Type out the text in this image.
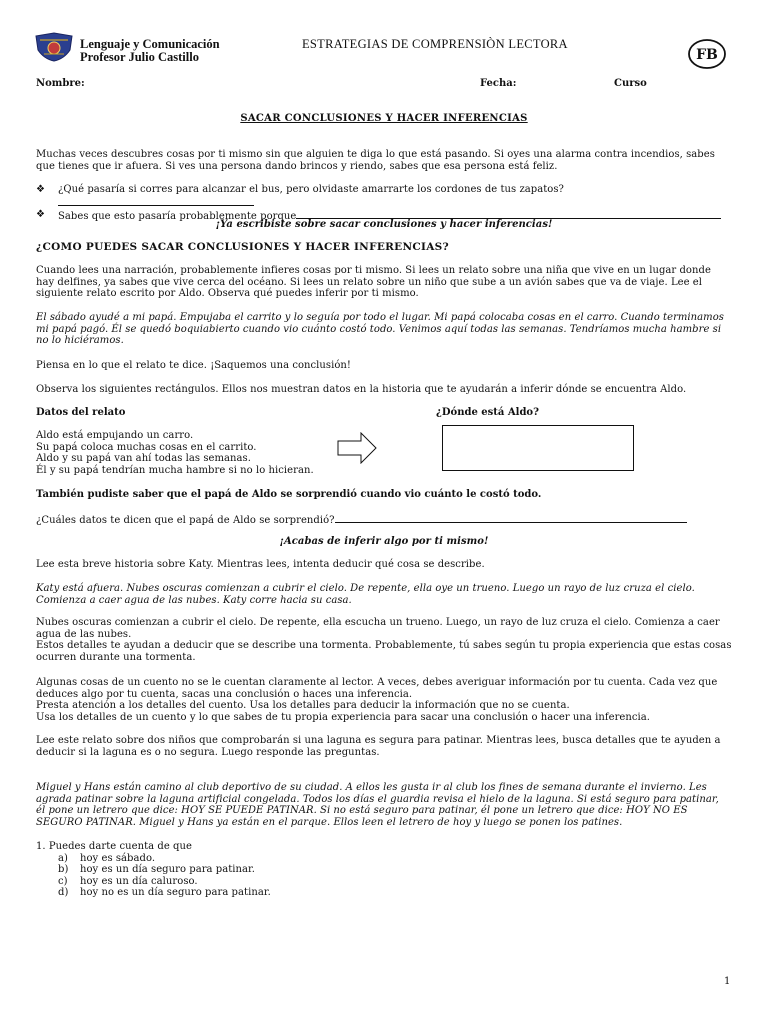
Lenguaje y Comunicación
Profesor Julio Castillo
ESTRATEGIAS DE COMPRENSIÒN LECTORA
FB
Nombre:	Fecha:	Curso
SACAR CONCLUSIONES Y HACER INFERENCIAS
Muchas veces descubres cosas por ti mismo sin que alguien te diga lo que está pasando. Si oyes una alarma contra incendios, sabes que tienes que ir afuera. Si ves una persona dando brincos y riendo, sabes que esa persona está feliz.
❖ ¿Qué pasaría si corres para alcanzar el bus, pero olvidaste amarrarte los cordones de tus zapatos?
❖ Sabes que esto pasaría probablemente porque
¡Ya escribiste sobre sacar conclusiones y hacer inferencias!
¿COMO PUEDES SACAR CONCLUSIONES Y HACER INFERENCIAS?
Cuando lees una narración, probablemente infieres cosas por ti mismo. Si lees un relato sobre una niña que vive en un lugar donde hay delfines, ya sabes que vive cerca del océano. Si lees un relato sobre un niño que sube a un avión sabes que va de viaje. Lee el siguiente relato escrito por Aldo. Observa qué puedes inferir por ti mismo.
El sábado ayudé a mi papá. Empujaba el carrito y lo seguía por todo el lugar. Mi papá colocaba cosas en el carro. Cuando terminamos mi papá pagó. Él se quedó boquiabierto cuando vio cuánto costó todo. Venimos aquí todas las semanas. Tendríamos mucha hambre si no lo hiciéramos.
Piensa en lo que el relato te dice. ¡Saquemos una conclusión!
Observa los siguientes rectángulos. Ellos nos muestran datos en la historia que te ayudarán a inferir dónde se encuentra Aldo.
Datos del relato	¿Dónde está Aldo?
Aldo está empujando un carro.
Su papá coloca muchas cosas en el carrito.
Aldo y su papá van ahí todas las semanas.
Él y su papá tendrían mucha hambre si no lo hicieran.
También pudiste saber que el papá de Aldo se sorprendió cuando vio cuánto le costó todo.
¿Cuáles datos te dicen que el papá de Aldo se sorprendió?
¡Acabas de inferir algo por ti mismo!
Lee esta breve historia sobre Katy. Mientras lees, intenta deducir qué cosa se describe.
Katy está afuera. Nubes oscuras comienzan a cubrir el cielo. De repente, ella oye un trueno. Luego un rayo de luz cruza el cielo. Comienza a caer agua de las nubes. Katy corre hacia su casa.
Nubes oscuras comienzan a cubrir el cielo. De repente, ella escucha un trueno. Luego, un rayo de luz cruza el cielo. Comienza a caer agua de las nubes.
Estos detalles te ayudan a deducir que se describe una tormenta. Probablemente, tú sabes según tu propia experiencia que estas cosas ocurren durante una tormenta.
Algunas cosas de un cuento no se le cuentan claramente al lector. A veces, debes averiguar información por tu cuenta. Cada vez que deduces algo por tu cuenta, sacas una conclusión o haces una inferencia.
Presta atención a los detalles del cuento. Usa los detalles para deducir la información que no se cuenta.
Usa los detalles de un cuento y lo que sabes de tu propia experiencia para sacar una conclusión o hacer una inferencia.
Lee este relato sobre dos niños que comprobarán si una laguna es segura para patinar. Mientras lees, busca detalles que te ayuden a deducir si la laguna es o no segura. Luego responde las preguntas.
Miguel y Hans están camino al club deportivo de su ciudad. A ellos les gusta ir al club los fines de semana durante el invierno. Les agrada patinar sobre la laguna artificial congelada. Todos los días el guardia revisa el hielo de la laguna. Si está seguro para patinar, él pone un letrero que dice: HOY SE PUEDE PATINAR. Si no está seguro para patinar, él pone un letrero que dice: HOY NO ES SEGURO PATINAR. Miguel y Hans ya están en el parque. Ellos leen el letrero de hoy y luego se ponen los patines.
1. Puedes darte cuenta de que
a) hoy es sábado.
b) hoy es un día seguro para patinar.
c) hoy es un día caluroso.
d) hoy no es un día seguro para patinar.
1
